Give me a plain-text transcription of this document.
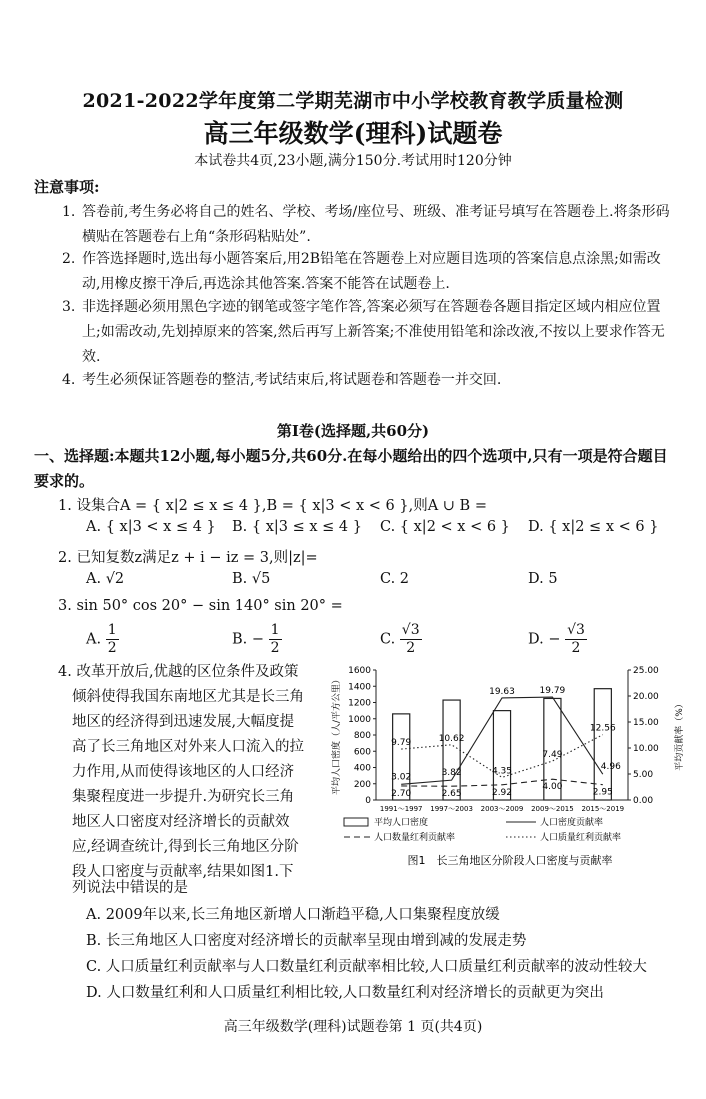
2021-2022学年度第二学期芜湖市中小学校教育教学质量检测
高三年级数学(理科)试题卷
本试卷共4页,23小题,满分150分.考试用时120分钟
注意事项:
1. 答卷前,考生务必将自己的姓名、学校、考场/座位号、班级、准考证号填写在答题卷上.将条形码横贴在答题卷右上角“条形码粘贴处”.
2. 作答选择题时,选出每小题答案后,用2B铅笔在答题卷上对应题目选项的答案信息点涂黑;如需改动,用橡皮擦干净后,再选涂其他答案.答案不能答在试题卷上.
3. 非选择题必须用黑色字迹的钢笔或签字笔作答,答案必须写在答题卷各题目指定区域内相应位置上;如需改动,先划掉原来的答案,然后再写上新答案;不准使用铅笔和涂改液,不按以上要求作答无效.
4. 考生必须保证答题卷的整洁,考试结束后,将试题卷和答题卷一并交回.
第Ⅰ卷(选择题,共60分)
一、选择题:本题共12小题,每小题5分,共60分.在每小题给出的四个选项中,只有一项是符合题目要求的。
1. 设集合A = { x|2 ≤ x ≤ 4 },B = { x|3 < x < 6 },则A ∪ B =
A. { x|3 < x ≤ 4 } B. { x|3 ≤ x ≤ 4 } C. { x|2 < x < 6 } D. { x|2 ≤ x < 6 }
2. 已知复数z满足z + i − iz = 3,则|z|=
A. √2	B. √5	C. 2	D. 5
3. sin 50° cos 20° − sin 140° sin 20° =
A. $\frac{1}{2}$	B. − $\frac{1}{2}$	C. $\frac{√3}{2}$	D. − $\frac{√3}{2}$
4. 改革开放后,优越的区位条件及政策
倾斜使得我国东南地区尤其是长三角
地区的经济得到迅速发展,大幅度提
高了长三角地区对外来人口流入的拉
力作用,从而使得该地区的人口经济
集聚程度进一步提升.为研究长三角
地区人口密度对经济增长的贡献效
应,经调查统计,得到长三角地区分阶
段人口密度与贡献率,结果如图1.下
列说法中错误的是
A. 2009年以来,长三角地区新增人口渐趋平稳,人口集聚程度放缓
B. 长三角地区人口密度对经济增长的贡献率呈现由增到减的发展走势
C. 人口质量红利贡献率与人口数量红利贡献率相比较,人口质量红利贡献率的波动性较大
D. 人口数量红利和人口质量红利相比较,人口数量红利对经济增长的贡献更为突出
0
200
400
600
800
1000
1200
1400
1600
0.00
5.00
10.00
15.00
20.00
25.00
平均人口密度（人/平方公里）	平均贡献率（%）
1991～1997 1997～2003 2003～2009 2009～2015 2015～2019
3.02	3.82
19.63	19.79
4.96
2.70	2.65	2.92
4.00
2.95
9.79	10.62
4.35
7.49
12.56
平均人口密度	人口密度贡献率
人口数量红利贡献率	人口质量红利贡献率
图1　长三角地区分阶段人口密度与贡献率
高三年级数学(理科)试题卷第 1 页(共4页)
